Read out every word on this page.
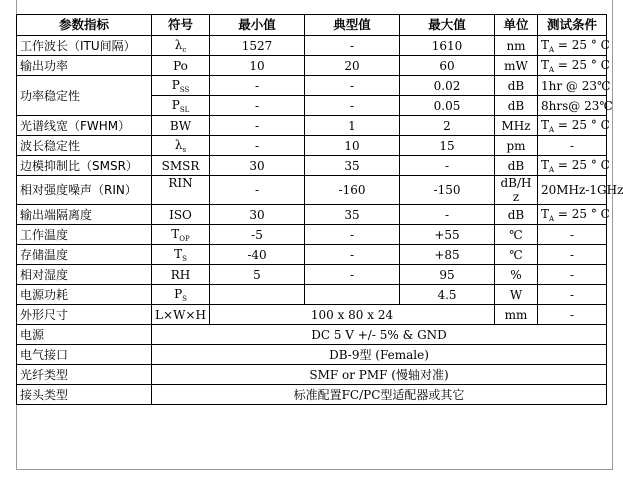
参数指标	符号	最小值	典型值	最大值	单位	测试条件
工作波长（ITU间隔）	$\lambda_c$	1527	-	1610	nm	$T_A = 25$ ° C
输出功率	Po	10	20	60	mW	$T_A = 25$ ° C
功率稳定性	$P_{SS}$	-	-	0.02	dB	1hr @ 23℃
	$P_{SL}$	-	-	0.05	dB	8hrs@ 23℃
光谱线宽（FWHM）	BW	-	1	2	MHz	$T_A = 25$ ° C
波长稳定性	$\lambda_s$	-	10	15	pm	-
边模抑制比（SMSR）	SMSR	30	35	-	dB	$T_A = 25$ ° C
相对强度噪声（RIN）	RIN	-	-160	-150	dB/Hz	20MHz-1GHz
输出端隔离度	ISO	30	35	-	dB	$T_A = 25$ ° C
工作温度	$T_{OP}$	-5	-	+55	℃	-
存储温度	$T_S$	-40	-	+85	℃	-
相对湿度	RH	5	-	95	%	-
电源功耗	$P_S$			4.5	W	-
外形尺寸	L×W×H	100 x 80 x 24			mm	-
电源	DC 5 V +/- 5% & GND					
电气接口	DB-9型 (Female)					
光纤类型	SMF or PMF (慢轴对准)					
接头类型	标准配置FC/PC型适配器或其它					
